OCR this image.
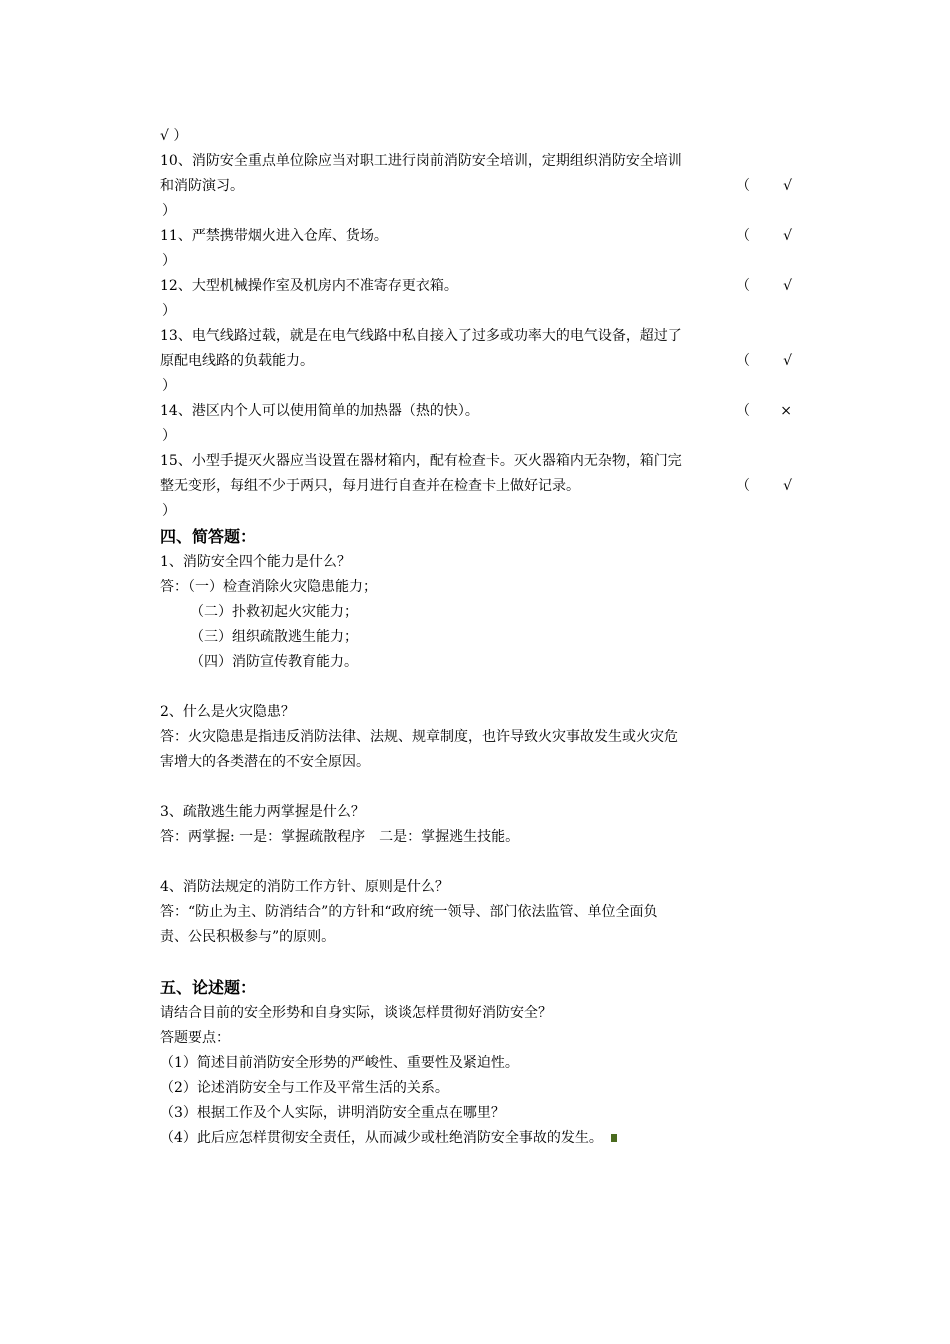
√ ）
10、消防安全重点单位除应当对职工进行岗前消防安全培训，定期组织消防安全培训
和消防演习。	（ √
）
11、严禁携带烟火进入仓库、货场。	（ √
）
12、大型机械操作室及机房内不准寄存更衣箱。	（ √
）
13、电气线路过载，就是在电气线路中私自接入了过多或功率大的电气设备，超过了
原配电线路的负载能力。	（ √
）
14、港区内个人可以使用简单的加热器（热的快）。	（ ×
）
15、小型手提灭火器应当设置在器材箱内，配有检查卡。灭火器箱内无杂物，箱门完
整无变形，每组不少于两只，每月进行自查并在检查卡上做好记录。	（ √
）
四、简答题：
1、消防安全四个能力是什么？
答：（一）检查消除火灾隐患能力；
（二）扑救初起火灾能力；
（三）组织疏散逃生能力；
（四）消防宣传教育能力。
2、什么是火灾隐患？
答：火灾隐患是指违反消防法律、法规、规章制度，也许导致火灾事故发生或火灾危
害增大的各类潜在的不安全原因。
3、疏散逃生能力两掌握是什么？
答：两掌握: 一是：掌握疏散程序　二是：掌握逃生技能。
4、消防法规定的消防工作方针、原则是什么？
答：“防止为主、防消结合”的方针和“政府统一领导、部门依法监管、单位全面负
责、公民积极参与”的原则。
五、论述题：
请结合目前的安全形势和自身实际，谈谈怎样贯彻好消防安全？
答题要点：
（1）简述目前消防安全形势的严峻性、重要性及紧迫性。
（2）论述消防安全与工作及平常生活的关系。
（3）根据工作及个人实际，讲明消防安全重点在哪里？
（4）此后应怎样贯彻安全责任，从而减少或杜绝消防安全事故的发生。
